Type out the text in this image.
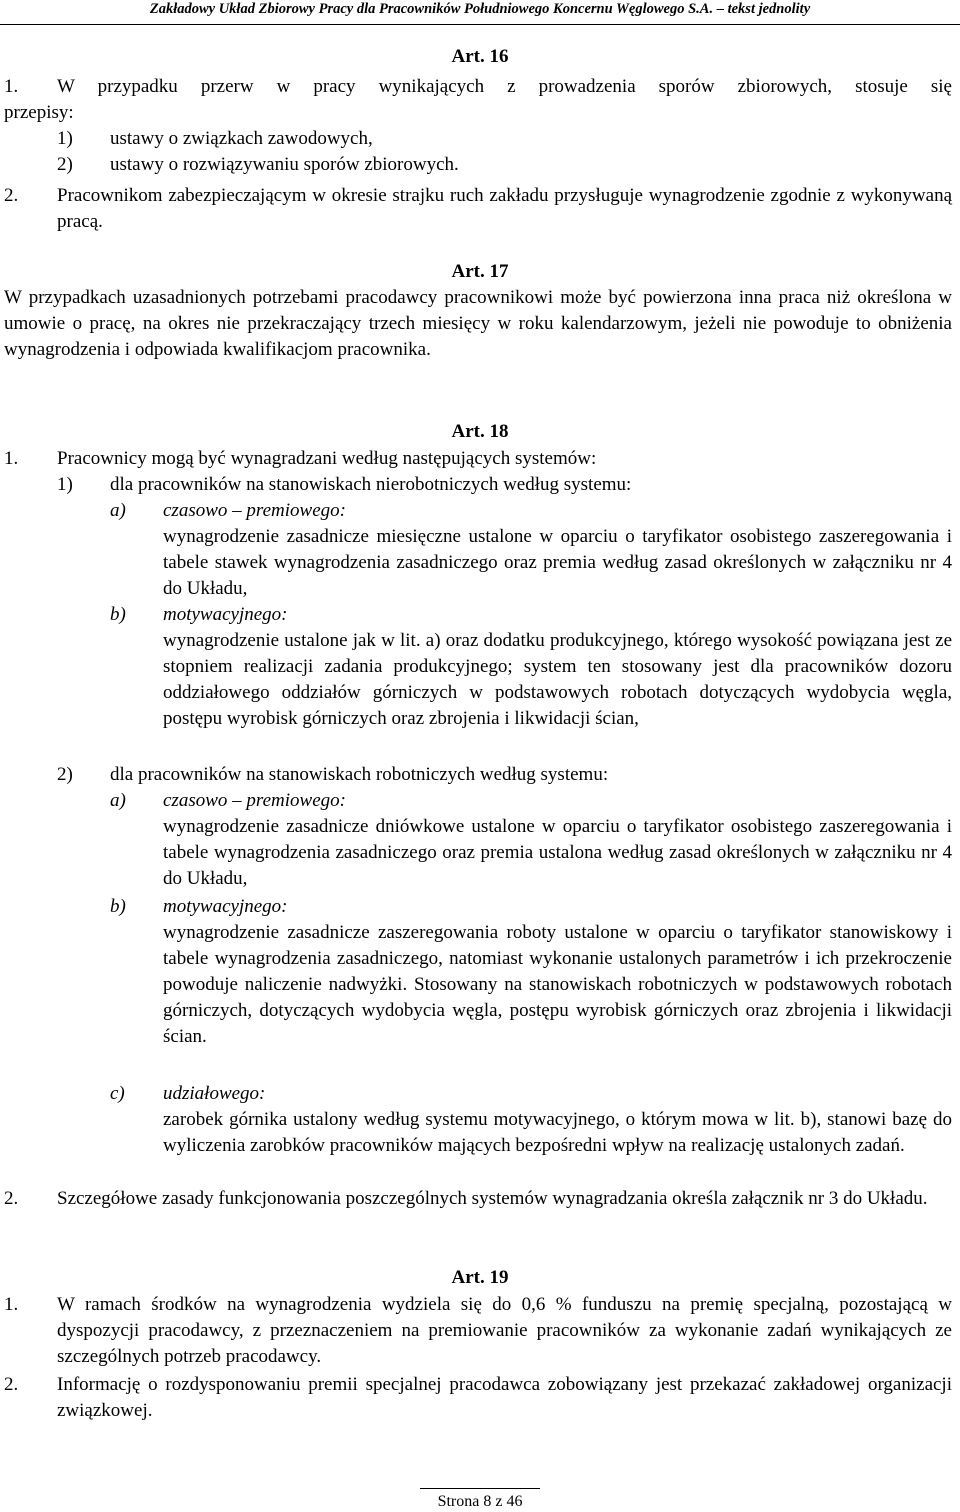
Zakładowy Układ Zbiorowy Pracy dla Pracowników Południowego Koncernu Węglowego S.A. – tekst jednolity
Art. 16
1. W przypadku przerw w pracy wynikających z prowadzenia sporów zbiorowych, stosuje się
przepisy:
1) ustawy o związkach zawodowych,
2) ustawy o rozwiązywaniu sporów zbiorowych.
2. Pracownikom zabezpieczającym w okresie strajku ruch zakładu przysługuje wynagrodzenie zgodnie z wykonywaną pracą.
Art. 17
W przypadkach uzasadnionych potrzebami pracodawcy pracownikowi może być powierzona inna praca niż określona w umowie o pracę, na okres nie przekraczający trzech miesięcy w roku kalendarzowym, jeżeli nie powoduje to obniżenia wynagrodzenia i odpowiada kwalifikacjom pracownika.
Art. 18
1. Pracownicy mogą być wynagradzani według następujących systemów:
1) dla pracowników na stanowiskach nierobotniczych według systemu:
a) czasowo – premiowego:
wynagrodzenie zasadnicze miesięczne ustalone w oparciu o taryfikator osobistego zaszeregowania i tabele stawek wynagrodzenia zasadniczego oraz premia według zasad określonych w załączniku nr 4 do Układu,
b) motywacyjnego:
wynagrodzenie ustalone jak w lit. a) oraz dodatku produkcyjnego, którego wysokość powiązana jest ze stopniem realizacji zadania produkcyjnego; system ten stosowany jest dla pracowników dozoru oddziałowego oddziałów górniczych w podstawowych robotach dotyczących wydobycia węgla, postępu wyrobisk górniczych oraz zbrojenia i likwidacji ścian,
2) dla pracowników na stanowiskach robotniczych według systemu:
a) czasowo – premiowego:
wynagrodzenie zasadnicze dniówkowe ustalone w oparciu o taryfikator osobistego zaszeregowania i tabele wynagrodzenia zasadniczego oraz premia ustalona według zasad określonych w załączniku nr 4 do Układu,
b) motywacyjnego:
wynagrodzenie zasadnicze zaszeregowania roboty ustalone w oparciu o taryfikator stanowiskowy i tabele wynagrodzenia zasadniczego, natomiast wykonanie ustalonych parametrów i ich przekroczenie powoduje naliczenie nadwyżki. Stosowany na stanowiskach robotniczych w podstawowych robotach górniczych, dotyczących wydobycia węgla, postępu wyrobisk górniczych oraz zbrojenia i likwidacji ścian.
c) udziałowego:
zarobek górnika ustalony według systemu motywacyjnego, o którym mowa w lit. b), stanowi bazę do wyliczenia zarobków pracowników mających bezpośredni wpływ na realizację ustalonych zadań.
2. Szczegółowe zasady funkcjonowania poszczególnych systemów wynagradzania określa załącznik nr 3 do Układu.
Art. 19
1. W ramach środków na wynagrodzenia wydziela się do 0,6 % funduszu na premię specjalną, pozostającą w dyspozycji pracodawcy, z przeznaczeniem na premiowanie pracowników za wykonanie zadań wynikających ze szczególnych potrzeb pracodawcy.
2. Informację o rozdysponowaniu premii specjalnej pracodawca zobowiązany jest przekazać zakładowej organizacji związkowej.
Strona 8 z 46
